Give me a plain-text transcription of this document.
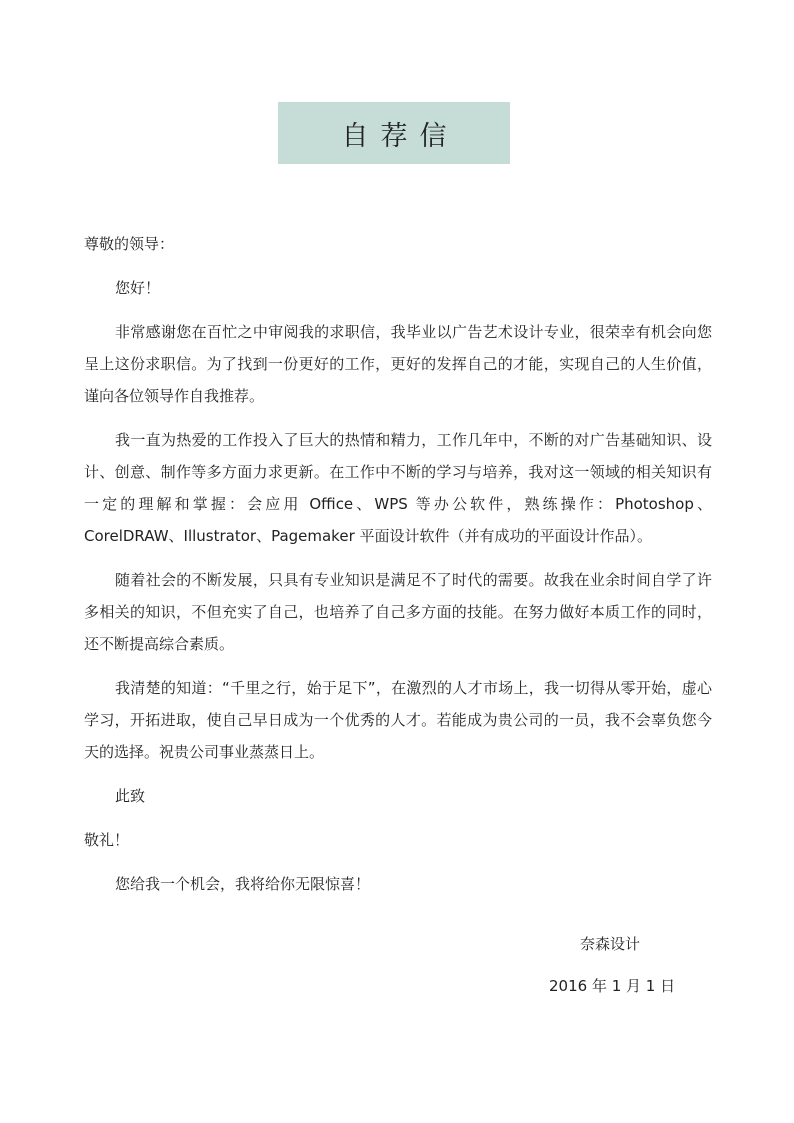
自荐信

尊敬的领导：

您好！

非常感谢您在百忙之中审阅我的求职信，我毕业以广告艺术设计专业，很荣幸有机会向您呈上这份求职信。为了找到一份更好的工作，更好的发挥自己的才能，实现自己的人生价值，谨向各位领导作自我推荐。

我一直为热爱的工作投入了巨大的热情和精力，工作几年中，不断的对广告基础知识、设计、创意、制作等多方面力求更新。在工作中不断的学习与培养，我对这一领域的相关知识有一定的理解和掌握：会应用 Office、WPS 等办公软件，熟练操作：Photoshop、CorelDRAW、Illustrator、Pagemaker 平面设计软件（并有成功的平面设计作品）。

随着社会的不断发展，只具有专业知识是满足不了时代的需要。故我在业余时间自学了许多相关的知识，不但充实了自己，也培养了自己多方面的技能。在努力做好本质工作的同时，还不断提高综合素质。

我清楚的知道：“千里之行，始于足下”，在激烈的人才市场上，我一切得从零开始，虚心学习，开拓进取，使自己早日成为一个优秀的人才。若能成为贵公司的一员，我不会辜负您今天的选择。祝贵公司事业蒸蒸日上。

此致

敬礼！

您给我一个机会，我将给你无限惊喜！

奈森设计
2016 年 1 月 1 日
